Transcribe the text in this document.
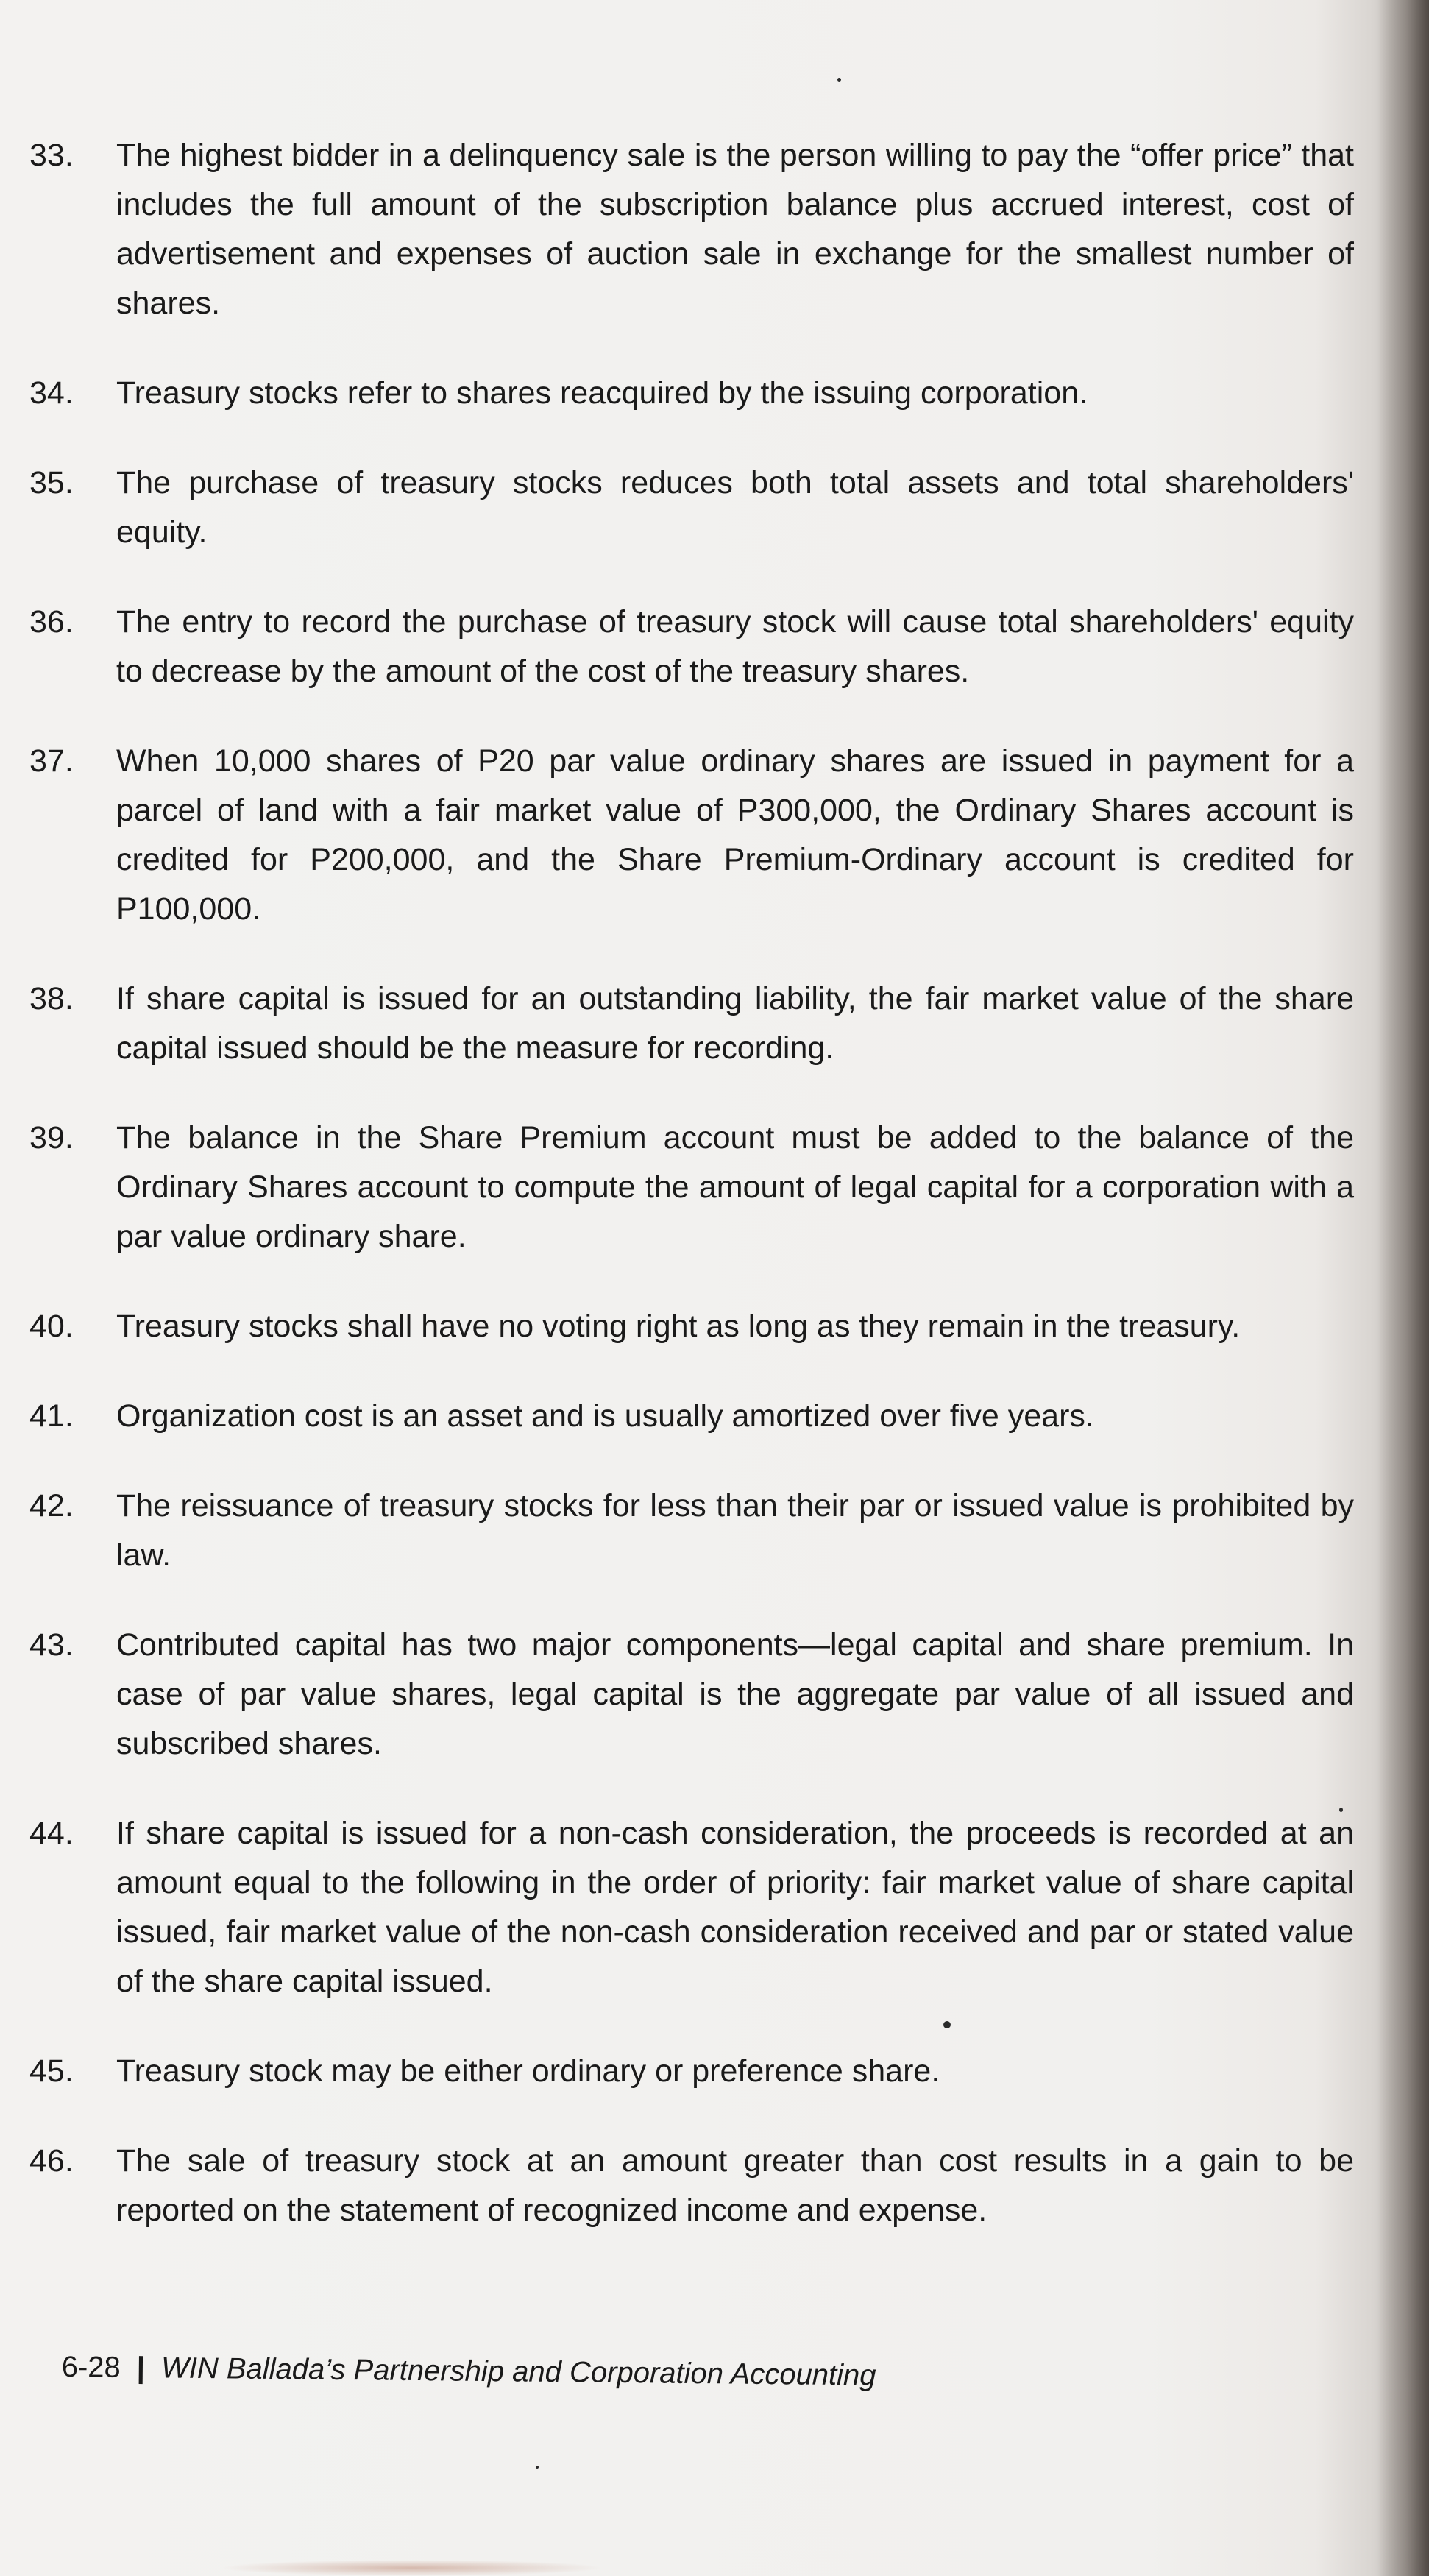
33.	The highest bidder in a delinquency sale is the person willing to pay the “offer price” that includes the full amount of the subscription balance plus accrued interest, cost of advertisement and expenses of auction sale in exchange for the smallest number of shares.
34.	Treasury stocks refer to shares reacquired by the issuing corporation.
35.	The purchase of treasury stocks reduces both total assets and total shareholders' equity.
36.	The entry to record the purchase of treasury stock will cause total shareholders' equity to decrease by the amount of the cost of the treasury shares.
37.	When 10,000 shares of P20 par value ordinary shares are issued in payment for a parcel of land with a fair market value of P300,000, the Ordinary Shares account is credited for P200,000, and the Share Premium-Ordinary account is credited for P100,000.
38.	If share capital is issued for an outstanding liability, the fair market value of the share capital issued should be the measure for recording.
39.	The balance in the Share Premium account must be added to the balance of the Ordinary Shares account to compute the amount of legal capital for a corporation with a par value ordinary share.
40.	Treasury stocks shall have no voting right as long as they remain in the treasury.
41.	Organization cost is an asset and is usually amortized over five years.
42.	The reissuance of treasury stocks for less than their par or issued value is prohibited by law.
43.	Contributed capital has two major components—legal capital and share premium. In case of par value shares, legal capital is the aggregate par value of all issued and subscribed shares.
44.	If share capital is issued for a non-cash consideration, the proceeds is recorded at an amount equal to the following in the order of priority: fair market value of share capital issued, fair market value of the non-cash consideration received and par or stated value of the share capital issued.
45.	Treasury stock may be either ordinary or preference share.
46.	The sale of treasury stock at an amount greater than cost results in a gain to be reported on the statement of recognized income and expense.
6-28 | WIN Ballada’s Partnership and Corporation Accounting
